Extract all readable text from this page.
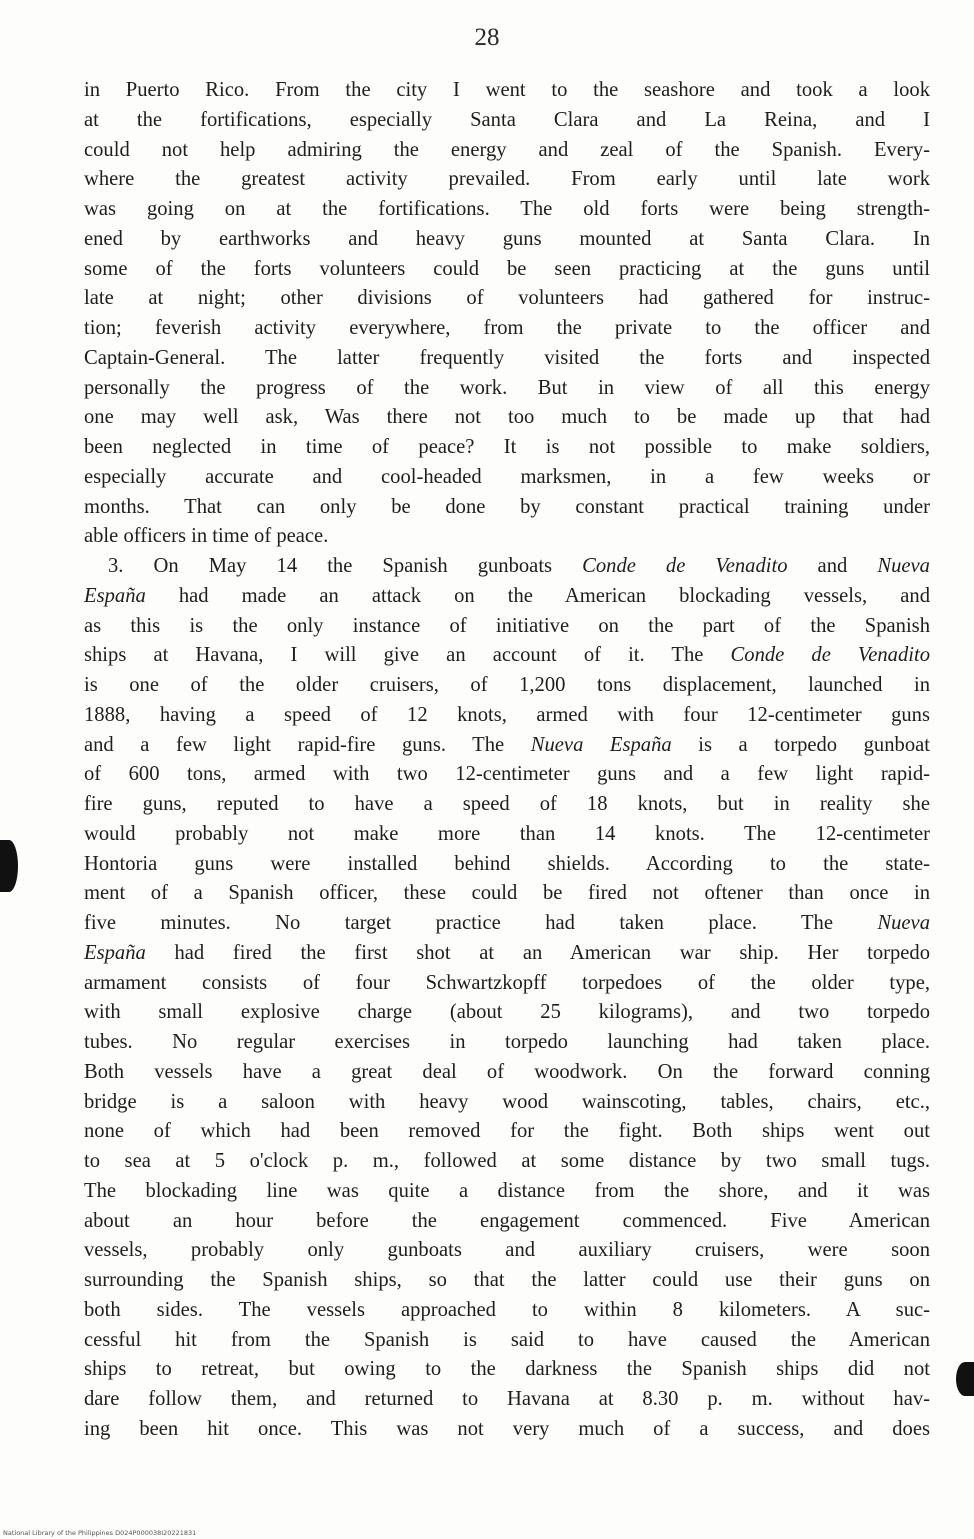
28
in Puerto Rico. From the city I went to the seashore and took a look
at the fortifications, especially Santa Clara and La Reina, and I
could not help admiring the energy and zeal of the Spanish. Every-
where the greatest activity prevailed. From early until late work
was going on at the fortifications. The old forts were being strength-
ened by earthworks and heavy guns mounted at Santa Clara. In
some of the forts volunteers could be seen practicing at the guns until
late at night; other divisions of volunteers had gathered for instruc-
tion; feverish activity everywhere, from the private to the officer and
Captain-General. The latter frequently visited the forts and inspected
personally the progress of the work. But in view of all this energy
one may well ask, Was there not too much to be made up that had
been neglected in time of peace? It is not possible to make soldiers,
especially accurate and cool-headed marksmen, in a few weeks or
months. That can only be done by constant practical training under
able officers in time of peace.
3. On May 14 the Spanish gunboats Conde de Venadito and Nueva
España had made an attack on the American blockading vessels, and
as this is the only instance of initiative on the part of the Spanish
ships at Havana, I will give an account of it. The Conde de Venadito
is one of the older cruisers, of 1,200 tons displacement, launched in
1888, having a speed of 12 knots, armed with four 12-centimeter guns
and a few light rapid-fire guns. The Nueva España is a torpedo gunboat
of 600 tons, armed with two 12-centimeter guns and a few light rapid-
fire guns, reputed to have a speed of 18 knots, but in reality she
would probably not make more than 14 knots. The 12-centimeter
Hontoria guns were installed behind shields. According to the state-
ment of a Spanish officer, these could be fired not oftener than once in
five minutes. No target practice had taken place. The Nueva
España had fired the first shot at an American war ship. Her torpedo
armament consists of four Schwartzkopff torpedoes of the older type,
with small explosive charge (about 25 kilograms), and two torpedo
tubes. No regular exercises in torpedo launching had taken place.
Both vessels have a great deal of woodwork. On the forward conning
bridge is a saloon with heavy wood wainscoting, tables, chairs, etc.,
none of which had been removed for the fight. Both ships went out
to sea at 5 o'clock p. m., followed at some distance by two small tugs.
The blockading line was quite a distance from the shore, and it was
about an hour before the engagement commenced. Five American
vessels, probably only gunboats and auxiliary cruisers, were soon
surrounding the Spanish ships, so that the latter could use their guns on
both sides. The vessels approached to within 8 kilometers. A suc-
cessful hit from the Spanish is said to have caused the American
ships to retreat, but owing to the darkness the Spanish ships did not
dare follow them, and returned to Havana at 8.30 p. m. without hav-
ing been hit once. This was not very much of a success, and does
National Library of the Philippines D024P000038I20221831
